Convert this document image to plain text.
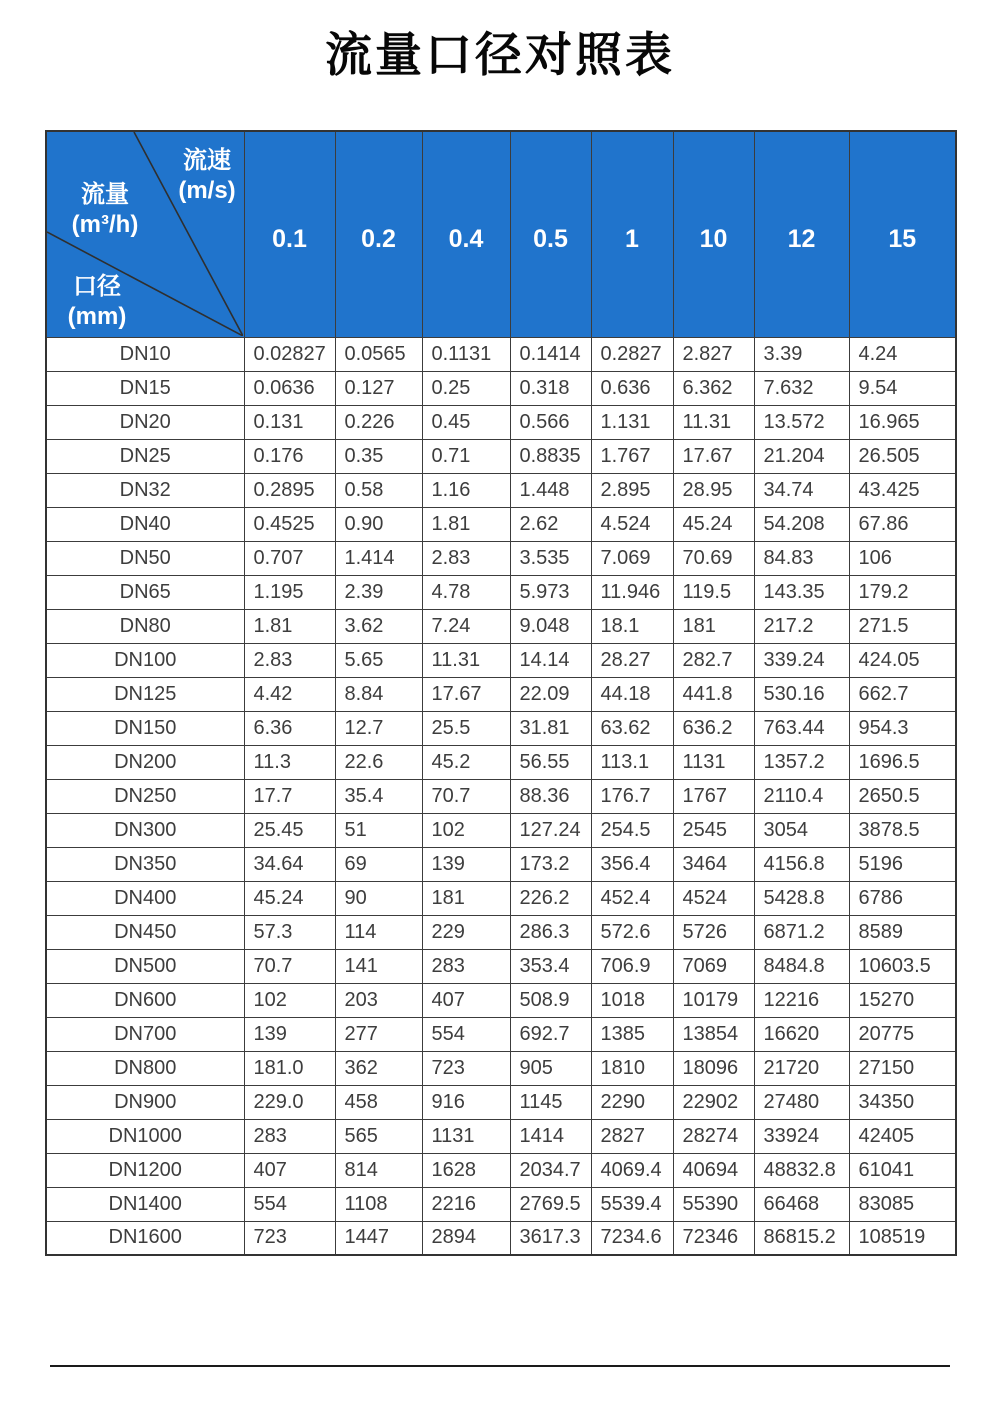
流量口径对照表
流速
(m/s)
流量
(m³/h)
口径
(mm)
	0.1	0.2	0.4	0.5	1	10	12	15
DN10	0.02827	0.0565	0.1131	0.1414	0.2827	2.827	3.39	4.24
DN15	0.0636	0.127	0.25	0.318	0.636	6.362	7.632	9.54
DN20	0.131	0.226	0.45	0.566	1.131	11.31	13.572	16.965
DN25	0.176	0.35	0.71	0.8835	1.767	17.67	21.204	26.505
DN32	0.2895	0.58	1.16	1.448	2.895	28.95	34.74	43.425
DN40	0.4525	0.90	1.81	2.62	4.524	45.24	54.208	67.86
DN50	0.707	1.414	2.83	3.535	7.069	70.69	84.83	106
DN65	1.195	2.39	4.78	5.973	11.946	119.5	143.35	179.2
DN80	1.81	3.62	7.24	9.048	18.1	181	217.2	271.5
DN100	2.83	5.65	11.31	14.14	28.27	282.7	339.24	424.05
DN125	4.42	8.84	17.67	22.09	44.18	441.8	530.16	662.7
DN150	6.36	12.7	25.5	31.81	63.62	636.2	763.44	954.3
DN200	11.3	22.6	45.2	56.55	113.1	1131	1357.2	1696.5
DN250	17.7	35.4	70.7	88.36	176.7	1767	2110.4	2650.5
DN300	25.45	51	102	127.24	254.5	2545	3054	3878.5
DN350	34.64	69	139	173.2	356.4	3464	4156.8	5196
DN400	45.24	90	181	226.2	452.4	4524	5428.8	6786
DN450	57.3	114	229	286.3	572.6	5726	6871.2	8589
DN500	70.7	141	283	353.4	706.9	7069	8484.8	10603.5
DN600	102	203	407	508.9	1018	10179	12216	15270
DN700	139	277	554	692.7	1385	13854	16620	20775
DN800	181.0	362	723	905	1810	18096	21720	27150
DN900	229.0	458	916	1145	2290	22902	27480	34350
DN1000	283	565	1131	1414	2827	28274	33924	42405
DN1200	407	814	1628	2034.7	4069.4	40694	48832.8	61041
DN1400	554	1108	2216	2769.5	5539.4	55390	66468	83085
DN1600	723	1447	2894	3617.3	7234.6	72346	86815.2	108519
